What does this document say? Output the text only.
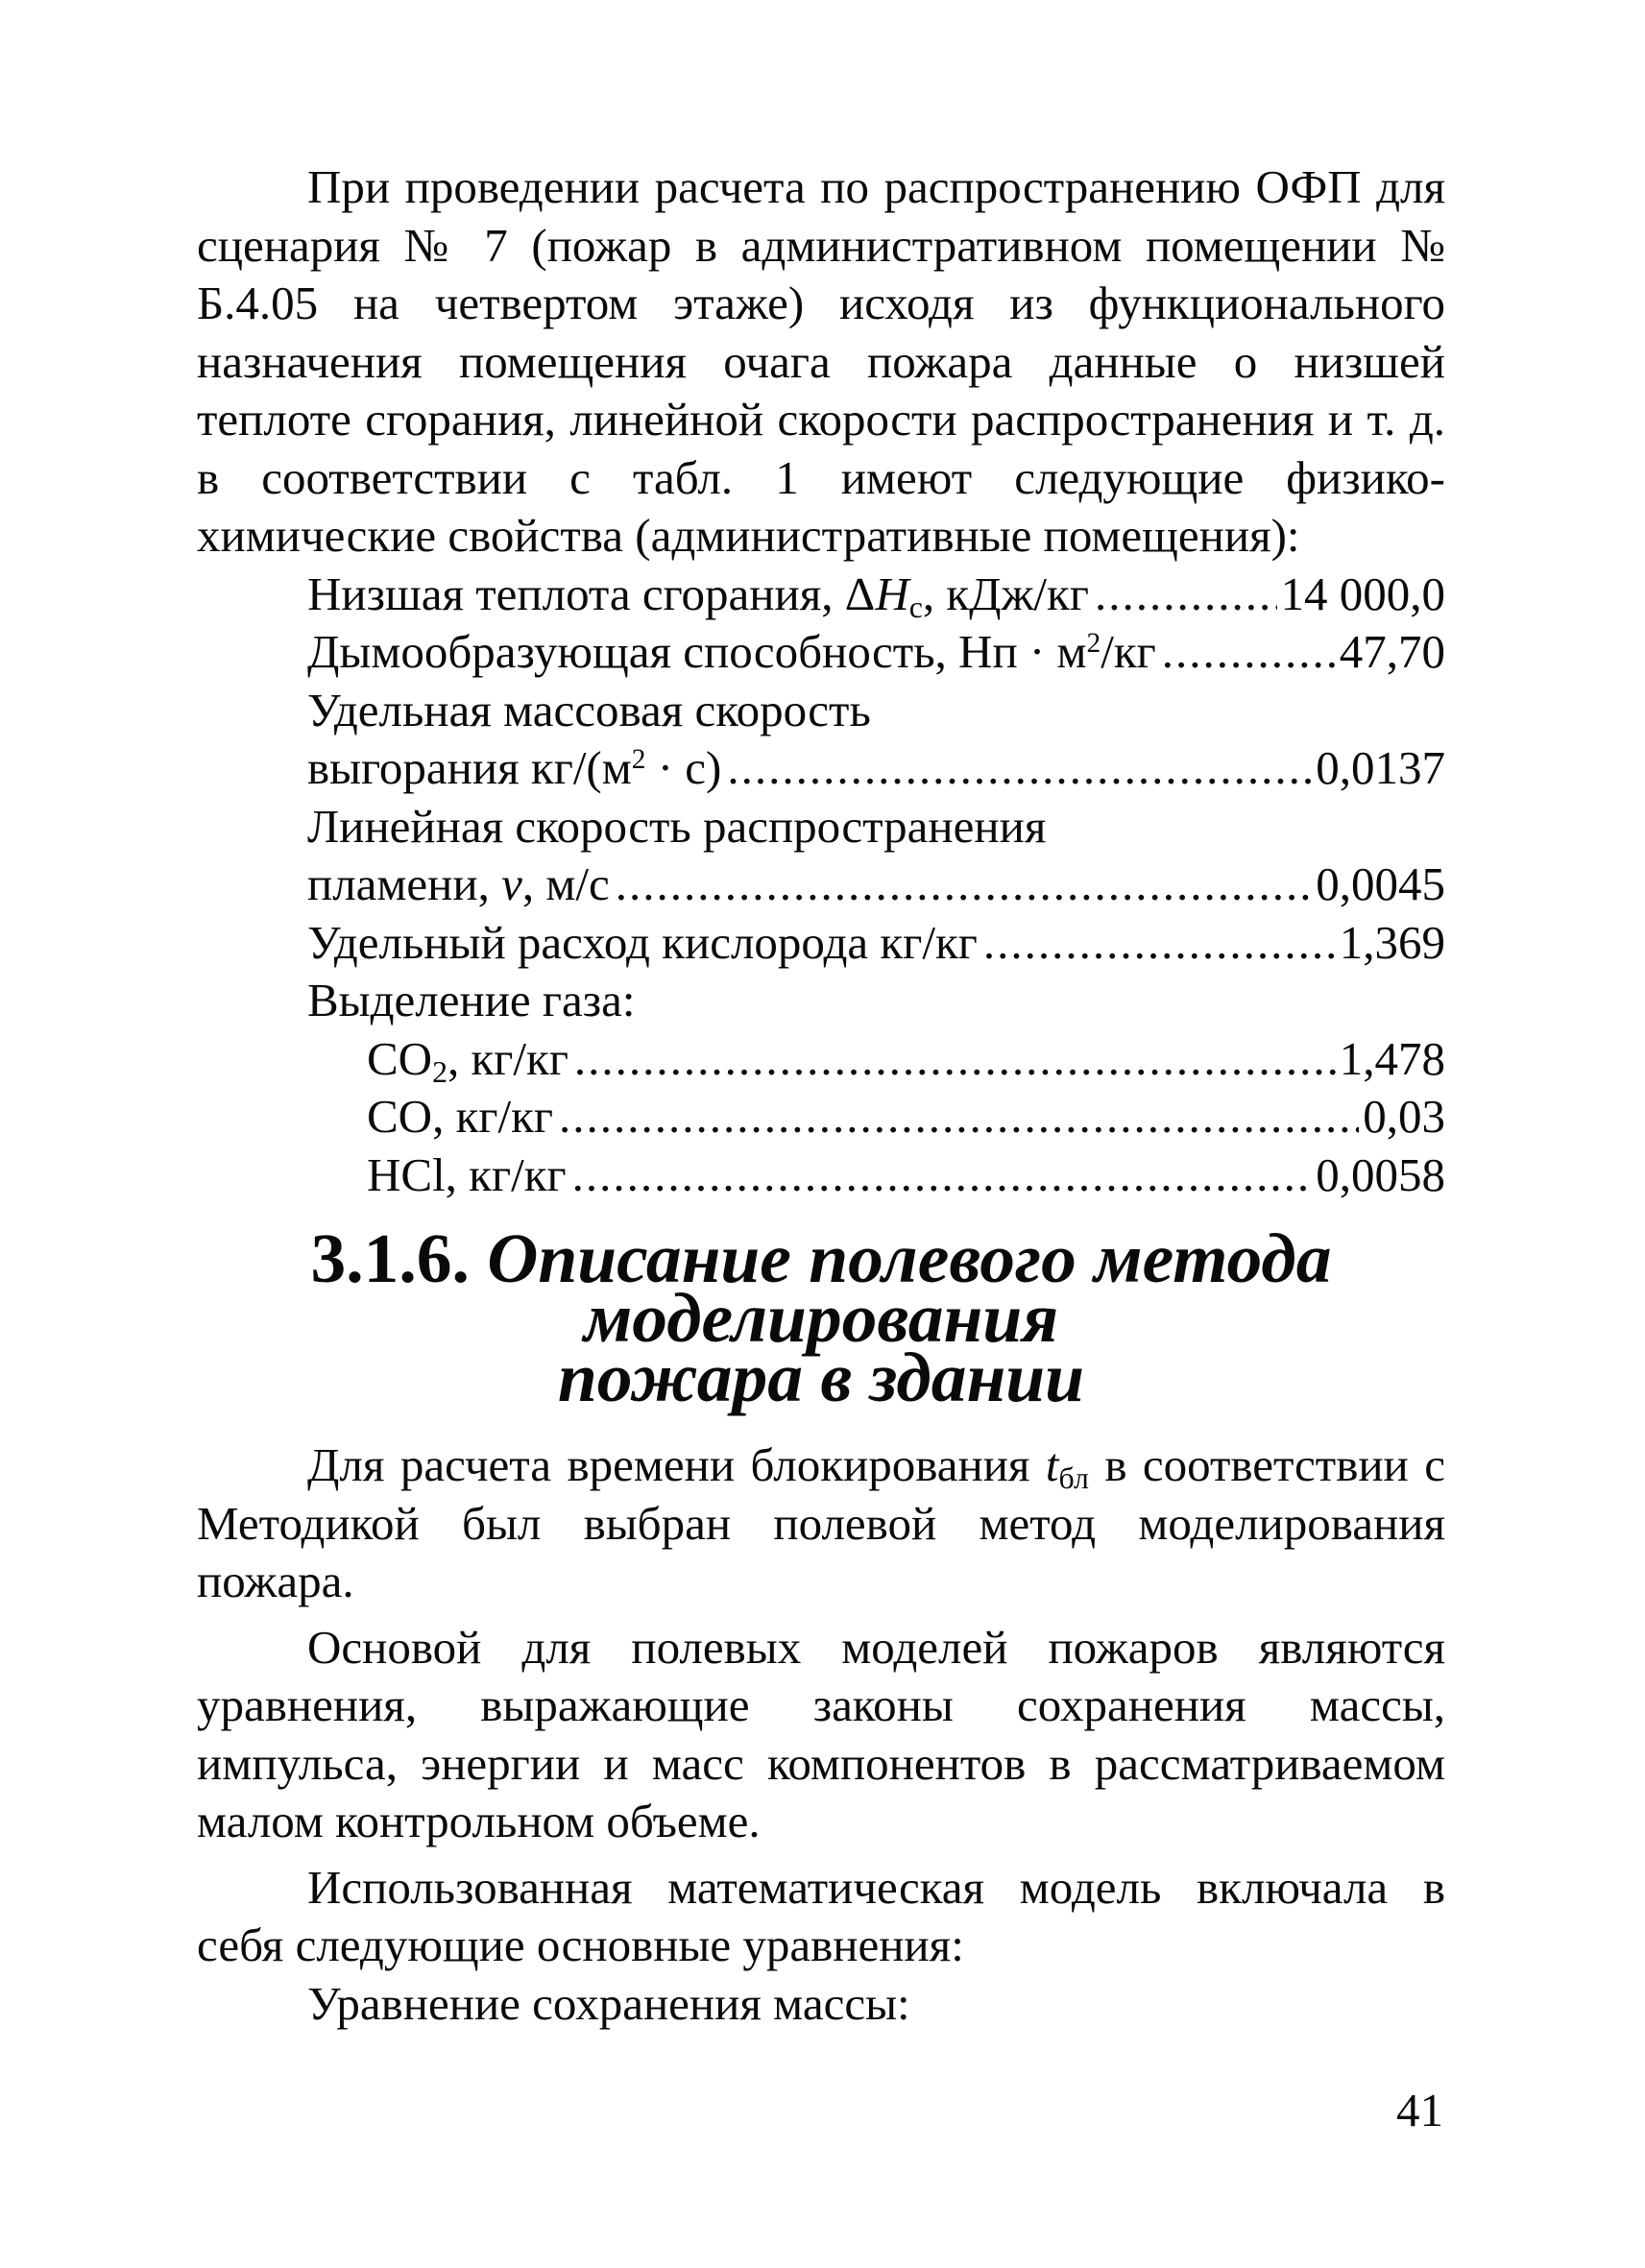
При проведении расчета по распространению ОФП для сценария № 7 (пожар в административном помещении № Б.4.05 на четвертом этаже) исходя из функционального назначения помещения очага пожара данные о низшей теплоте сгорания, линейной скорости распространения и т. д. в соответствии с табл. 1 имеют следующие физико-химические свойства (административные помещения):

Низшая теплота сгорания, $\Delta H_c$, кДж/кг .....	14 000,0
Дымообразующая способность, Нп · $м^2/кг$ .....	47,70
Удельная массовая скорость
выгорания $кг/(м^2 \cdot с)$ .....	0,0137
Линейная скорость распространения
пламени, v, м/с .....	0,0045
Удельный расход кислорода кг/кг .....	1,369
Выделение газа:
$CO_2$, кг/кг .....	1,478
CO, кг/кг .....	0,03
HCl, кг/кг .....	0,0058
3.1.6. Описание полевого метода моделирования
пожара в здании

Для расчета времени блокирования $t_{бл}$ в соответствии с Методикой был выбран полевой метод моделирования пожара.

Основой для полевых моделей пожаров являются уравнения, выражающие законы сохранения массы, импульса, энергии и масс компонентов в рассматриваемом малом контрольном объеме.

Использованная математическая модель включала в себя следующие основные уравнения:

Уравнение сохранения массы:

41
